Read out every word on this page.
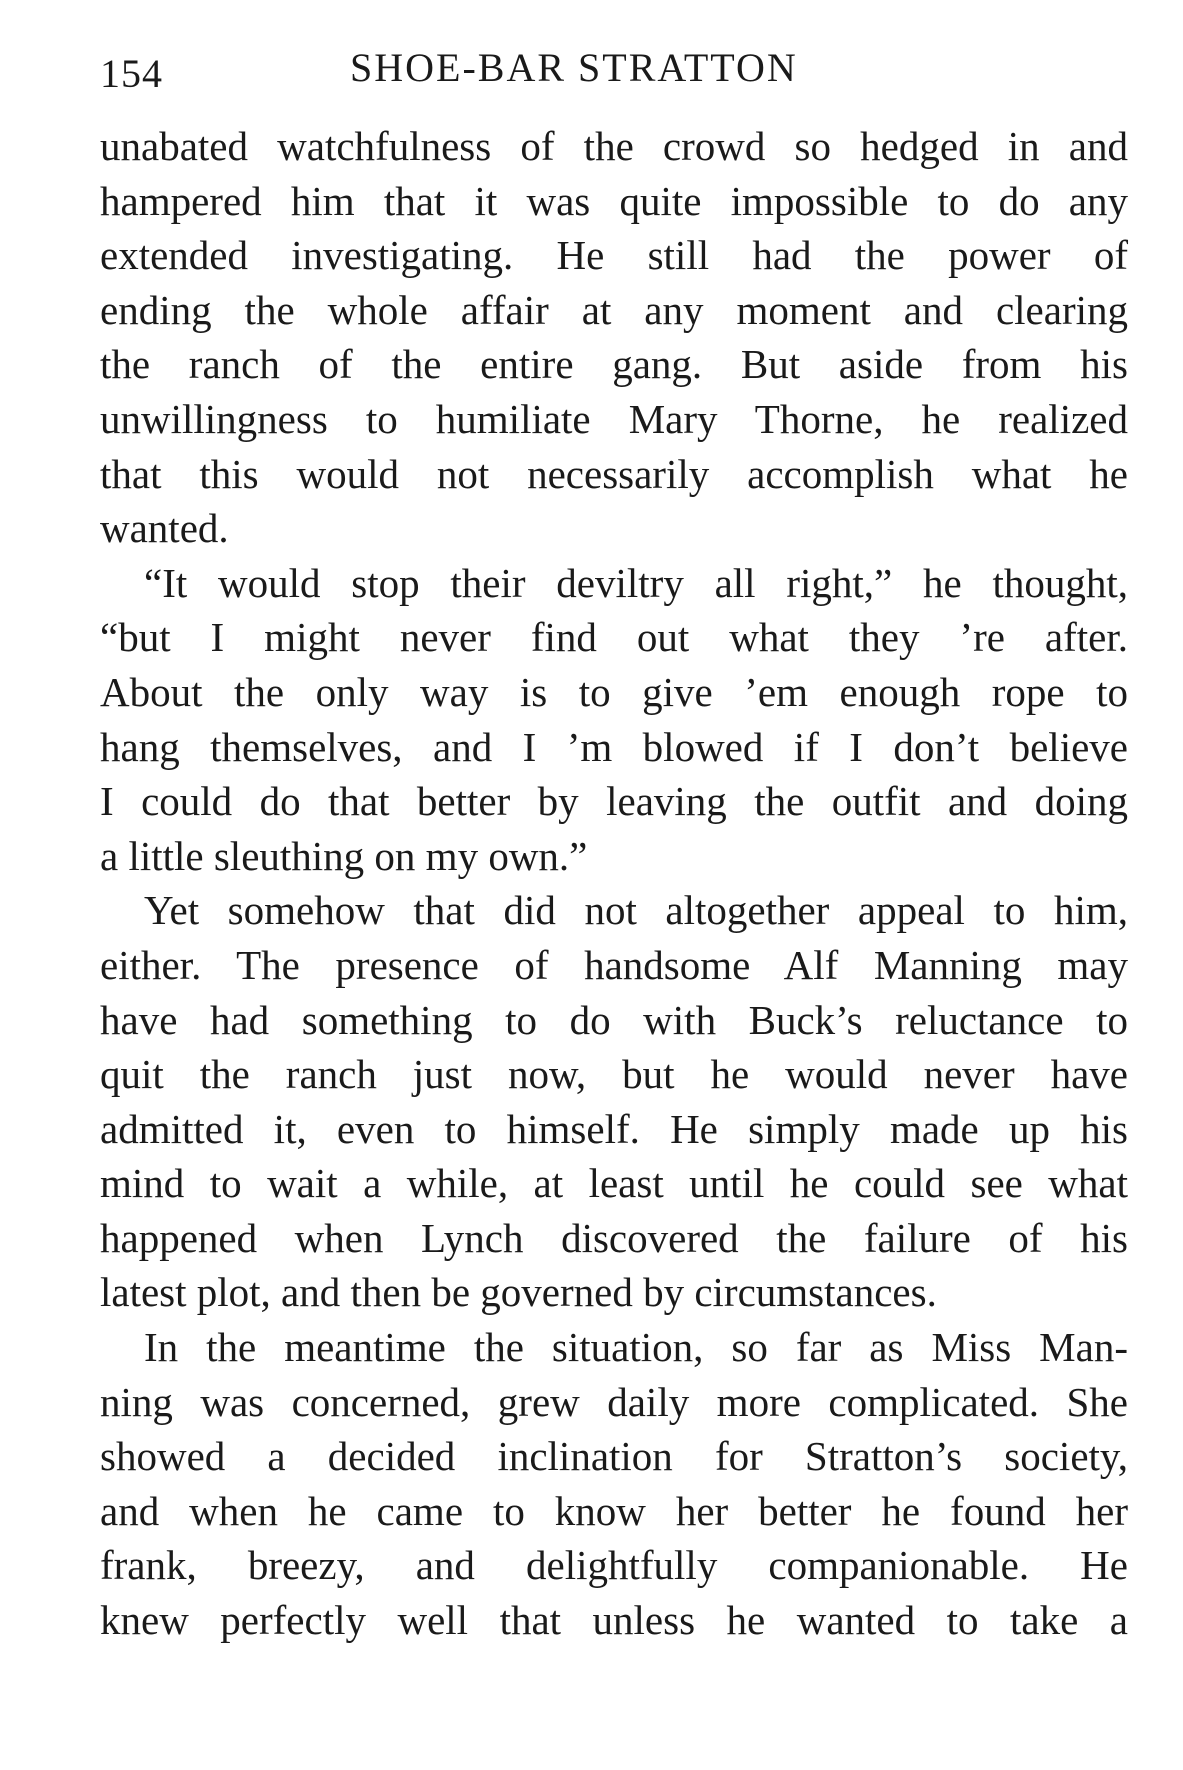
154	SHOE-BAR STRATTON
unabated watchfulness of the crowd so hedged in and
hampered him that it was quite impossible to do any
extended investigating. He still had the power of
ending the whole affair at any moment and clearing
the ranch of the entire gang. But aside from his
unwillingness to humiliate Mary Thorne, he realized
that this would not necessarily accomplish what he
wanted.
“It would stop their deviltry all right,” he thought,
“but I might never find out what they ’re after.
About the only way is to give ’em enough rope to
hang themselves, and I ’m blowed if I don’t believe
I could do that better by leaving the outfit and doing
a little sleuthing on my own.”
Yet somehow that did not altogether appeal to him,
either. The presence of handsome Alf Manning may
have had something to do with Buck’s reluctance to
quit the ranch just now, but he would never have
admitted it, even to himself. He simply made up his
mind to wait a while, at least until he could see what
happened when Lynch discovered the failure of his
latest plot, and then be governed by circumstances.
In the meantime the situation, so far as Miss Man-
ning was concerned, grew daily more complicated. She
showed a decided inclination for Stratton’s society,
and when he came to know her better he found her
frank, breezy, and delightfully companionable. He
knew perfectly well that unless he wanted to take a
